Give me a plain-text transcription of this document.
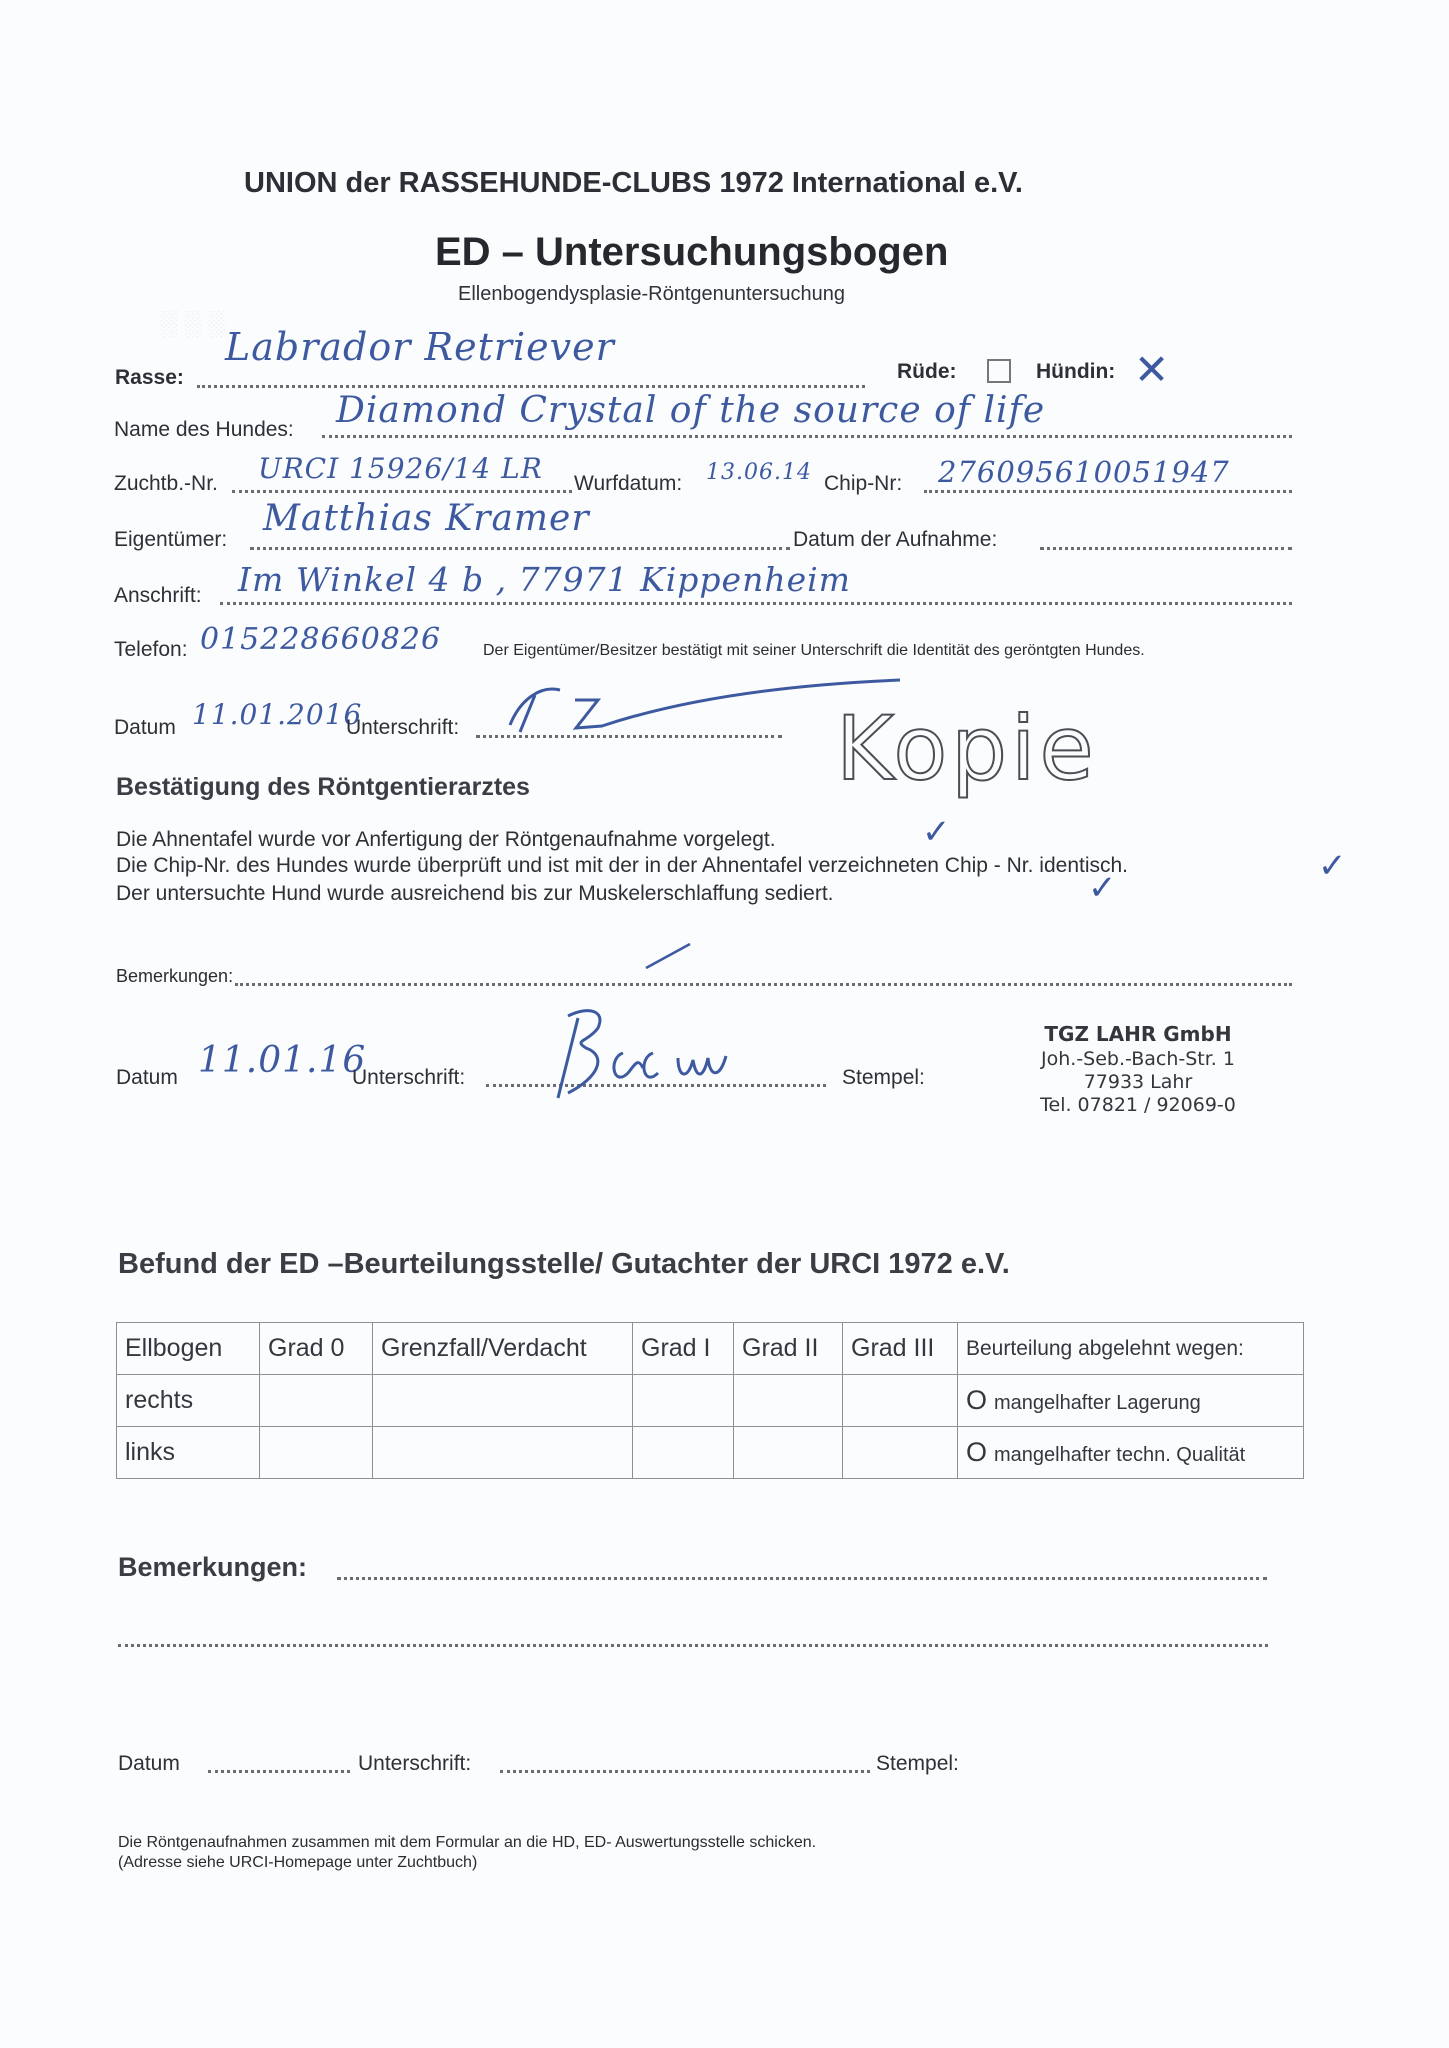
░ ░ ░
UNION der RASSEHUNDE-CLUBS 1972 International e.V.
ED – Untersuchungsbogen
Ellenbogendysplasie-Röntgenuntersuchung
Rasse:
Labrador Retriever
Rüde:	Hündin: ✕
Name des Hundes: Diamond Crystal of the source of life
Zuchtb.-Nr. URCI 15926/14 LR Wurfdatum: 13.06.14 Chip-Nr: 276095610051947
Eigentümer:
Matthias Kramer
Datum der Aufnahme:
Anschrift: Im Winkel 4 b , 77971 Kippenheim
Telefon: 015228660826	Der Eigentümer/Besitzer bestätigt mit seiner Unterschrift die Identität des geröntgten Hundes.
Datum 11.01.2016
Unterschrift:	Kopie
Bestätigung des Röntgentierarztes
Die Ahnentafel wurde vor Anfertigung der Röntgenaufnahme vorgelegt.	✓
Die Chip-Nr. des Hundes wurde überprüft und ist mit der in der Ahnentafel verzeichneten Chip - Nr. identisch.	✓
Der untersuchte Hund wurde ausreichend bis zur Muskelerschlaffung sediert.	✓
Bemerkungen:
Datum 11.01.16
Unterschrift:	Stempel:
TGZ LAHR GmbH
Joh.-Seb.-Bach-Str. 1
77933 Lahr
Tel. 07821 / 92069-0
Befund der ED –Beurteilungsstelle/ Gutachter der URCI 1972 e.V.
Ellbogen	Grad 0	Grenzfall/Verdacht	Grad I	Grad II	Grad III	Beurteilung abgelehnt wegen:
rechts						O mangelhafter Lagerung
links						O mangelhafter techn. Qualität
Bemerkungen:
Datum	Unterschrift:	Stempel:
Die Röntgenaufnahmen zusammen mit dem Formular an die HD, ED- Auswertungsstelle schicken.
(Adresse siehe URCI-Homepage unter Zuchtbuch)
